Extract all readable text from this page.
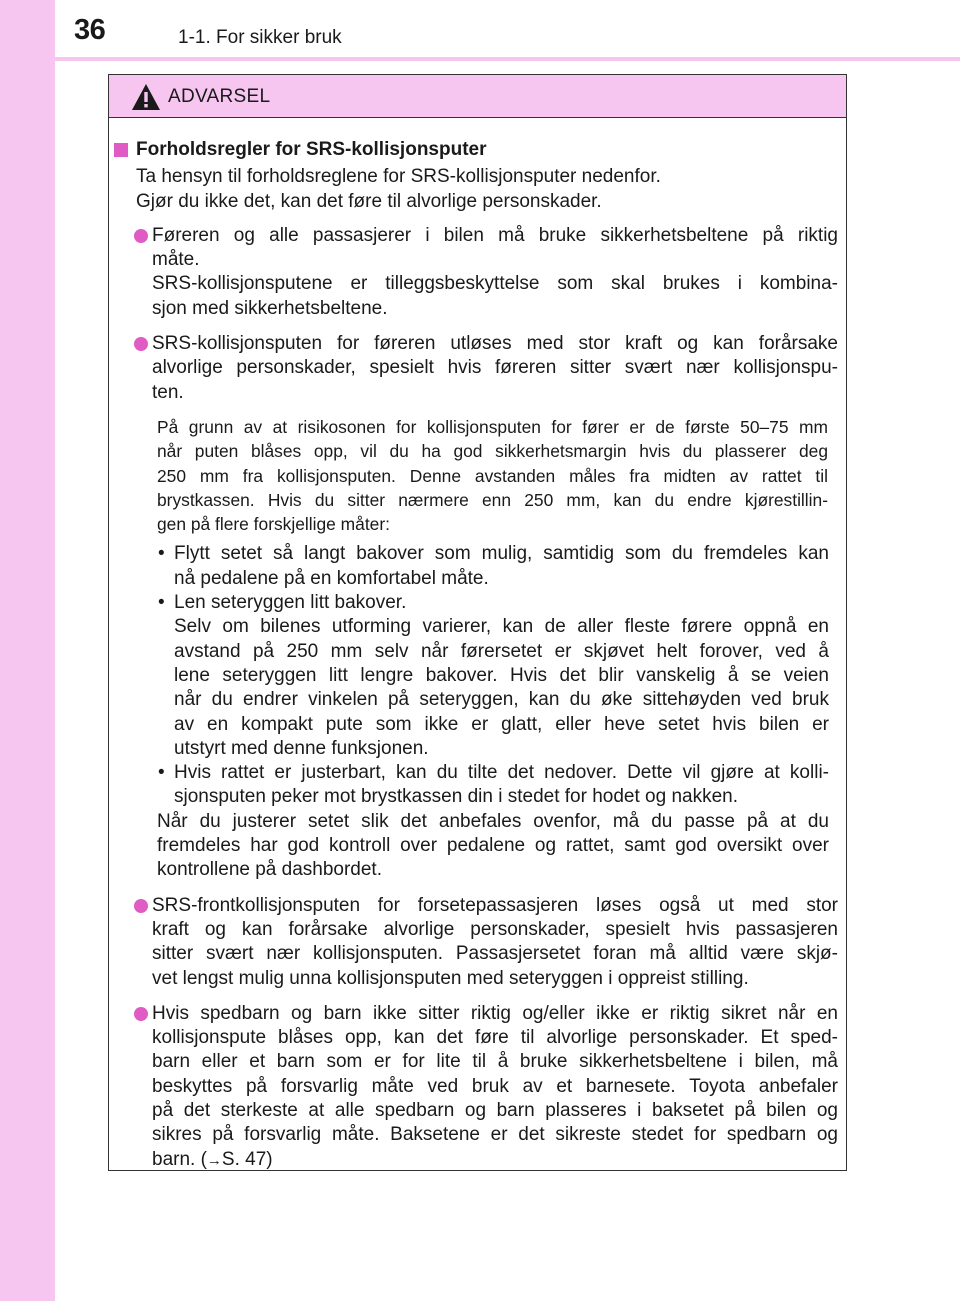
36	1-1. For sikker bruk
ADVARSEL
Forholdsregler for SRS-kollisjonsputer
Ta hensyn til forholdsreglene for SRS-kollisjonsputer nedenfor.
Gjør du ikke det, kan det føre til alvorlige personskader.
Føreren og alle passasjerer i bilen må bruke sikkerhetsbeltene på riktig
måte.
SRS-kollisjonsputene er tilleggsbeskyttelse som skal brukes i kombina-
sjon med sikkerhetsbeltene.
SRS-kollisjonsputen for føreren utløses med stor kraft og kan forårsake
alvorlige personskader, spesielt hvis føreren sitter svært nær kollisjonspu-
ten.
På grunn av at risikosonen for kollisjonsputen for fører er de første 50–75 mm
når puten blåses opp, vil du ha god sikkerhetsmargin hvis du plasserer deg
250 mm fra kollisjonsputen. Denne avstanden måles fra midten av rattet til
brystkassen. Hvis du sitter nærmere enn 250 mm, kan du endre kjørestillin-
gen på flere forskjellige måter:
• Flytt setet så langt bakover som mulig, samtidig som du fremdeles kan
nå pedalene på en komfortabel måte.
• Len seteryggen litt bakover.
Selv om bilenes utforming varierer, kan de aller fleste førere oppnå en
avstand på 250 mm selv når førersetet er skjøvet helt forover, ved å
lene seteryggen litt lengre bakover. Hvis det blir vanskelig å se veien
når du endrer vinkelen på seteryggen, kan du øke sittehøyden ved bruk
av en kompakt pute som ikke er glatt, eller heve setet hvis bilen er
utstyrt med denne funksjonen.
• Hvis rattet er justerbart, kan du tilte det nedover. Dette vil gjøre at kolli-
sjonsputen peker mot brystkassen din i stedet for hodet og nakken.
Når du justerer setet slik det anbefales ovenfor, må du passe på at du
fremdeles har god kontroll over pedalene og rattet, samt god oversikt over
kontrollene på dashbordet.
SRS-frontkollisjonsputen for forsetepassasjeren løses også ut med stor
kraft og kan forårsake alvorlige personskader, spesielt hvis passasjeren
sitter svært nær kollisjonsputen. Passasjersetet foran må alltid være skjø-
vet lengst mulig unna kollisjonsputen med seteryggen i oppreist stilling.
Hvis spedbarn og barn ikke sitter riktig og/eller ikke er riktig sikret når en
kollisjonspute blåses opp, kan det føre til alvorlige personskader. Et sped-
barn eller et barn som er for lite til å bruke sikkerhetsbeltene i bilen, må
beskyttes på forsvarlig måte ved bruk av et barnesete. Toyota anbefaler
på det sterkeste at alle spedbarn og barn plasseres i baksetet på bilen og
sikres på forsvarlig måte. Baksetene er det sikreste stedet for spedbarn og
barn. (→S. 47)
